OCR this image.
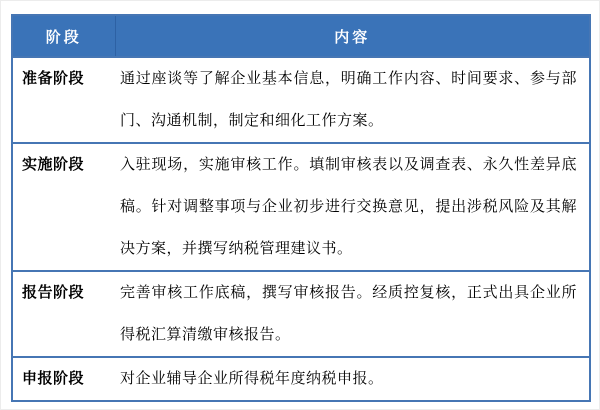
阶段	内容
准备阶段	通过座谈等了解企业基本信息，明确工作内容、时间要求、参与部门、沟通机制，制定和细化工作方案。
实施阶段	入驻现场，实施审核工作。填制审核表以及调查表、永久性差异底稿。针对调整事项与企业初步进行交换意见，提出涉税风险及其解决方案，并撰写纳税管理建议书。
报告阶段	完善审核工作底稿，撰写审核报告。经质控复核，正式出具企业所得税汇算清缴审核报告。
申报阶段	对企业辅导企业所得税年度纳税申报。
